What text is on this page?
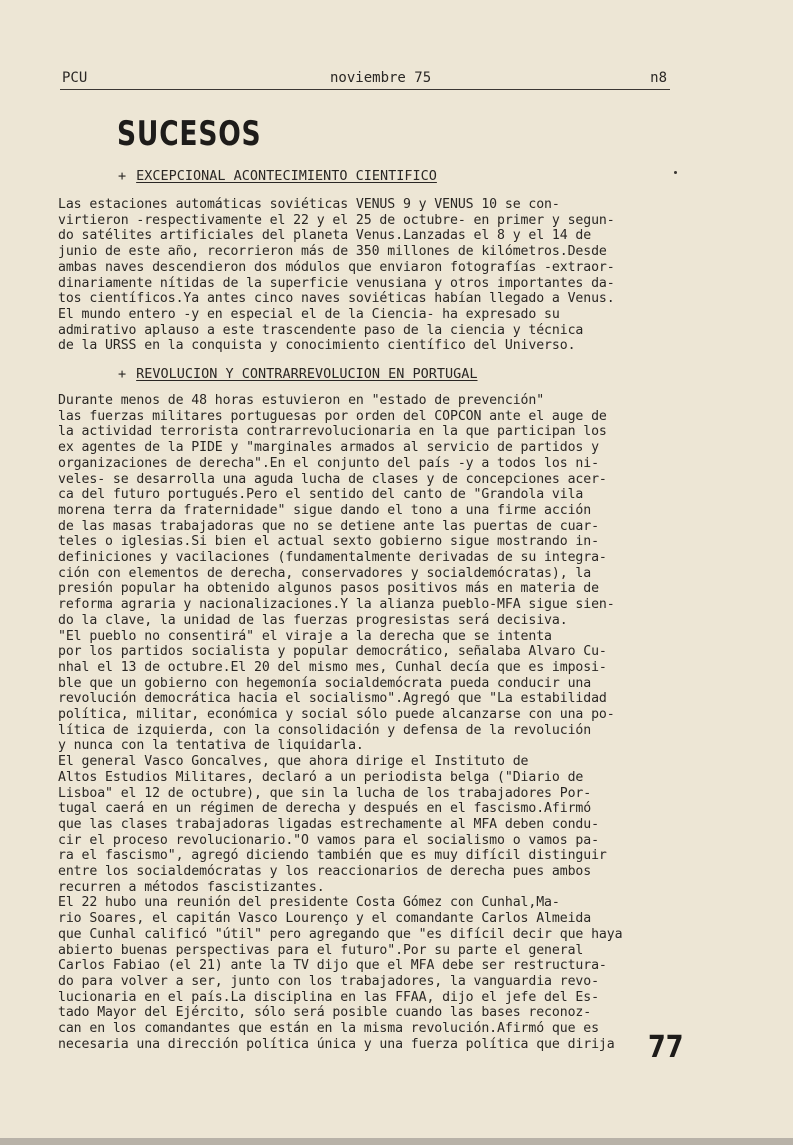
PCU	noviembre 75	n8
SUCESOS
+ EXCEPCIONAL ACONTECIMIENTO CIENTIFICO
Las estaciones automáticas soviéticas VENUS 9 y VENUS 10 se con-
virtieron -respectivamente el 22 y el 25 de octubre- en primer y segun-
do satélites artificiales del planeta Venus.Lanzadas el 8 y el 14 de
junio de este año, recorrieron más de 350 millones de kilómetros.Desde
ambas naves descendieron dos módulos que enviaron fotografías -extraor-
dinariamente nítidas de la superficie venusiana y otros importantes da-
tos científicos.Ya antes cinco naves soviéticas habían llegado a Venus.
El mundo entero -y en especial el de la Ciencia- ha expresado su
admirativo aplauso a este trascendente paso de la ciencia y técnica
de la URSS en la conquista y conocimiento científico del Universo.
+ REVOLUCION Y CONTRARREVOLUCION EN PORTUGAL
Durante menos de 48 horas estuvieron en "estado de prevención"
las fuerzas militares portuguesas por orden del COPCON ante el auge de
la actividad terrorista contrarrevolucionaria en la que participan los
ex agentes de la PIDE y "marginales armados al servicio de partidos y
organizaciones de derecha".En el conjunto del país -y a todos los ni-
veles- se desarrolla una aguda lucha de clases y de concepciones acer-
ca del futuro portugués.Pero el sentido del canto de "Grandola vila
morena terra da fraternidade" sigue dando el tono a una firme acción
de las masas trabajadoras que no se detiene ante las puertas de cuar-
teles o iglesias.Si bien el actual sexto gobierno sigue mostrando in-
definiciones y vacilaciones (fundamentalmente derivadas de su integra-
ción con elementos de derecha, conservadores y socialdemócratas), la
presión popular ha obtenido algunos pasos positivos más en materia de
reforma agraria y nacionalizaciones.Y la alianza pueblo-MFA sigue sien-
do la clave, la unidad de las fuerzas progresistas será decisiva.
"El pueblo no consentirá" el viraje a la derecha que se intenta
por los partidos socialista y popular democrático, señalaba Alvaro Cu-
nhal el 13 de octubre.El 20 del mismo mes, Cunhal decía que es imposi-
ble que un gobierno con hegemonía socialdemócrata pueda conducir una
revolución democrática hacia el socialismo".Agregó que "La estabilidad
política, militar, económica y social sólo puede alcanzarse con una po-
lítica de izquierda, con la consolidación y defensa de la revolución
y nunca con la tentativa de liquidarla.
El general Vasco Goncalves, que ahora dirige el Instituto de
Altos Estudios Militares, declaró a un periodista belga ("Diario de
Lisboa" el 12 de octubre), que sin la lucha de los trabajadores Por-
tugal caerá en un régimen de derecha y después en el fascismo.Afirmó
que las clases trabajadoras ligadas estrechamente al MFA deben condu-
cir el proceso revolucionario."O vamos para el socialismo o vamos pa-
ra el fascismo", agregó diciendo también que es muy difícil distinguir
entre los socialdemócratas y los reaccionarios de derecha pues ambos
recurren a métodos fascistizantes.
El 22 hubo una reunión del presidente Costa Gómez con Cunhal,Ma-
rio Soares, el capitán Vasco Lourenço y el comandante Carlos Almeida
que Cunhal calificó "útil" pero agregando que "es difícil decir que haya
abierto buenas perspectivas para el futuro".Por su parte el general
Carlos Fabiao (el 21) ante la TV dijo que el MFA debe ser restructura-
do para volver a ser, junto con los trabajadores, la vanguardia revo-
lucionaria en el país.La disciplina en las FFAA, dijo el jefe del Es-
tado Mayor del Ejército, sólo será posible cuando las bases reconoz-
can en los comandantes que están en la misma revolución.Afirmó que es
necesaria una dirección política única y una fuerza política que dirija	77
